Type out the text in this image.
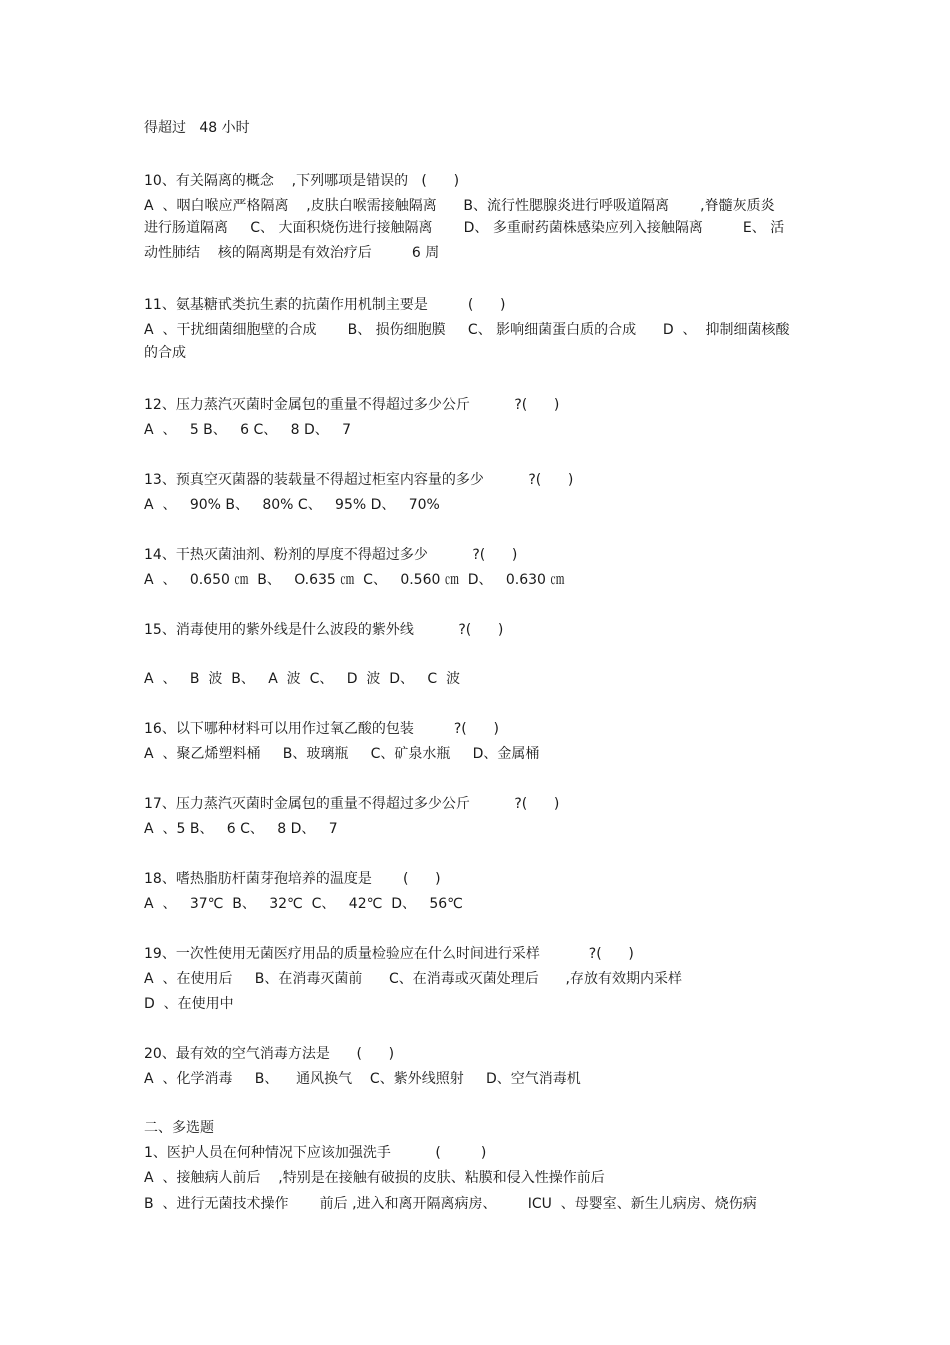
得超过   48 小时
10、有关隔离的概念    ,下列哪项是错误的   (      )
A  、咽白喉应严格隔离    ,皮肤白喉需接触隔离      B、流行性腮腺炎进行呼吸道隔离       ,脊髓灰质炎
进行肠道隔离     C、 大面积烧伤进行接触隔离       D、 多重耐药菌株感染应列入接触隔离         E、 活
动性肺结    核的隔离期是有效治疗后         6 周
11、氨基糖甙类抗生素的抗菌作用机制主要是         (      )
A  、干扰细菌细胞壁的合成       B、 损伤细胞膜     C、 影响细菌蛋白质的合成      D  、  抑制细菌核酸
的合成
12、压力蒸汽灭菌时金属包的重量不得超过多少公斤          ?(      )
A  、   5 B、   6 C、   8 D、   7
13、预真空灭菌器的装载量不得超过柜室内容量的多少          ?(      )
A  、   90% B、   80% C、   95% D、   70%
14、干热灭菌油剂、粉剂的厚度不得超过多少          ?(      )
A  、   0.650 ㎝  B、   O.635 ㎝  C、   0.560 ㎝  D、   0.630 ㎝
15、消毒使用的紫外线是什么波段的紫外线          ?(      )
A  、   B  波  B、   A  波  C、   D  波  D、   C  波
16、以下哪种材料可以用作过氧乙酸的包装         ?(      )
A  、聚乙烯塑料桶     B、玻璃瓶     C、矿泉水瓶     D、金属桶
17、压力蒸汽灭菌时金属包的重量不得超过多少公斤          ?(      )
A  、5 B、   6 C、   8 D、   7
18、嗜热脂肪杆菌芽孢培养的温度是       (      )
A  、   37℃  B、   32℃  C、   42℃  D、   56℃
19、一次性使用无菌医疗用品的质量检验应在什么时间进行采样           ?(      )
A  、在使用后     B、在消毒灭菌前      C、在消毒或灭菌处理后      ,存放有效期内采样
D  、在使用中
20、最有效的空气消毒方法是      (      )
A  、化学消毒     B、    通风换气    C、紫外线照射     D、空气消毒机
二、多选题
1、医护人员在何种情况下应该加强洗手          (         )
A  、接触病人前后    ,特别是在接触有破损的皮肤、粘膜和侵入性操作前后
B  、进行无菌技术操作       前后 ,进入和离开隔离病房、       ICU  、母婴室、新生儿病房、烧伤病
